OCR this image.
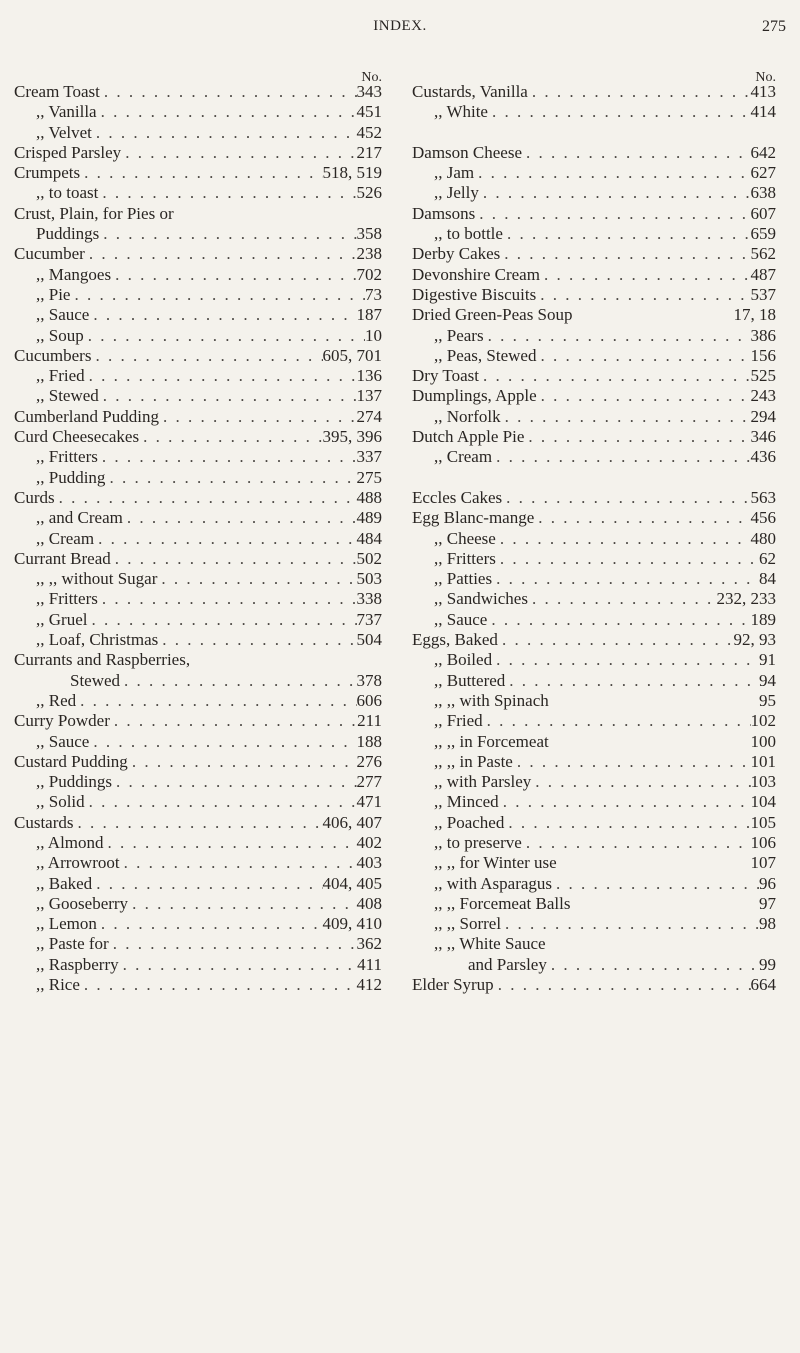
INDEX.	275
No.
Cream Toast . . .	343
,, Vanilla . . .	451
,, Velvet . . .	452
Crisped Parsley . . .	217
Crumpets . . .	518, 519
,, to toast . . .	526
Crust, Plain, for Pies or
Puddings . . .	358
Cucumber . . .	238
,, Mangoes . . .	702
,, Pie . . .	73
,, Sauce . . .	187
,, Soup . . .	10
Cucumbers . . .	605, 701
,, Fried . . .	136
,, Stewed . . .	137
Cumberland Pudding . . .	274
Curd Cheesecakes . . .	395, 396
,, Fritters . . .	337
,, Pudding . . .	275
Curds . . .	488
,, and Cream . . .	489
,, Cream . . .	484
Currant Bread . . .	502
,, ,, without Sugar . . .	503
,, Fritters . . .	338
,, Gruel . . .	737
,, Loaf, Christmas . . .	504
Currants and Raspberries,
Stewed . . .	378
,, Red . . .	606
Curry Powder . . .	211
,, Sauce . . .	188
Custard Pudding . . .	276
,, Puddings . . .	277
,, Solid . . .	471
Custards . . .	406, 407
,, Almond . . .	402
,, Arrowroot . . .	403
,, Baked . . .	404, 405
,, Gooseberry . . .	408
,, Lemon . . .	409, 410
,, Paste for . . .	362
,, Raspberry . . .	411
,, Rice . . .	412
No.
Custards, Vanilla . . .	413
,, White . . .	414
Damson Cheese . . .	642
,, Jam . . .	627
,, Jelly . . .	638
Damsons . . .	607
,, to bottle . . .	659
Derby Cakes . . .	562
Devonshire Cream . . .	487
Digestive Biscuits . . .	537
Dried Green-Peas Soup	17, 18
,, Pears . . .	386
,, Peas, Stewed . . .	156
Dry Toast . . .	525
Dumplings, Apple . . .	243
,, Norfolk . . .	294
Dutch Apple Pie . . .	346
,, Cream . . .	436
Eccles Cakes . . .	563
Egg Blanc-mange . . .	456
,, Cheese . . .	480
,, Fritters . . .	62
,, Patties . . .	84
,, Sandwiches . . .	232, 233
,, Sauce . . .	189
Eggs, Baked . . .	92, 93
,, Boiled . . .	91
,, Buttered . . .	94
,, ,, with Spinach	95
,, Fried . . .	102
,, ,, in Forcemeat	100
,, ,, in Paste . . .	101
,, with Parsley . . .	103
,, Minced . . .	104
,, Poached . . .	105
,, to preserve . . .	106
,, ,, for Winter use	107
,, with Asparagus . . .	96
,, ,, Forcemeat Balls	97
,, ,, Sorrel . . .	98
,, ,, White Sauce
and Parsley . . .	99
Elder Syrup . . .	664
